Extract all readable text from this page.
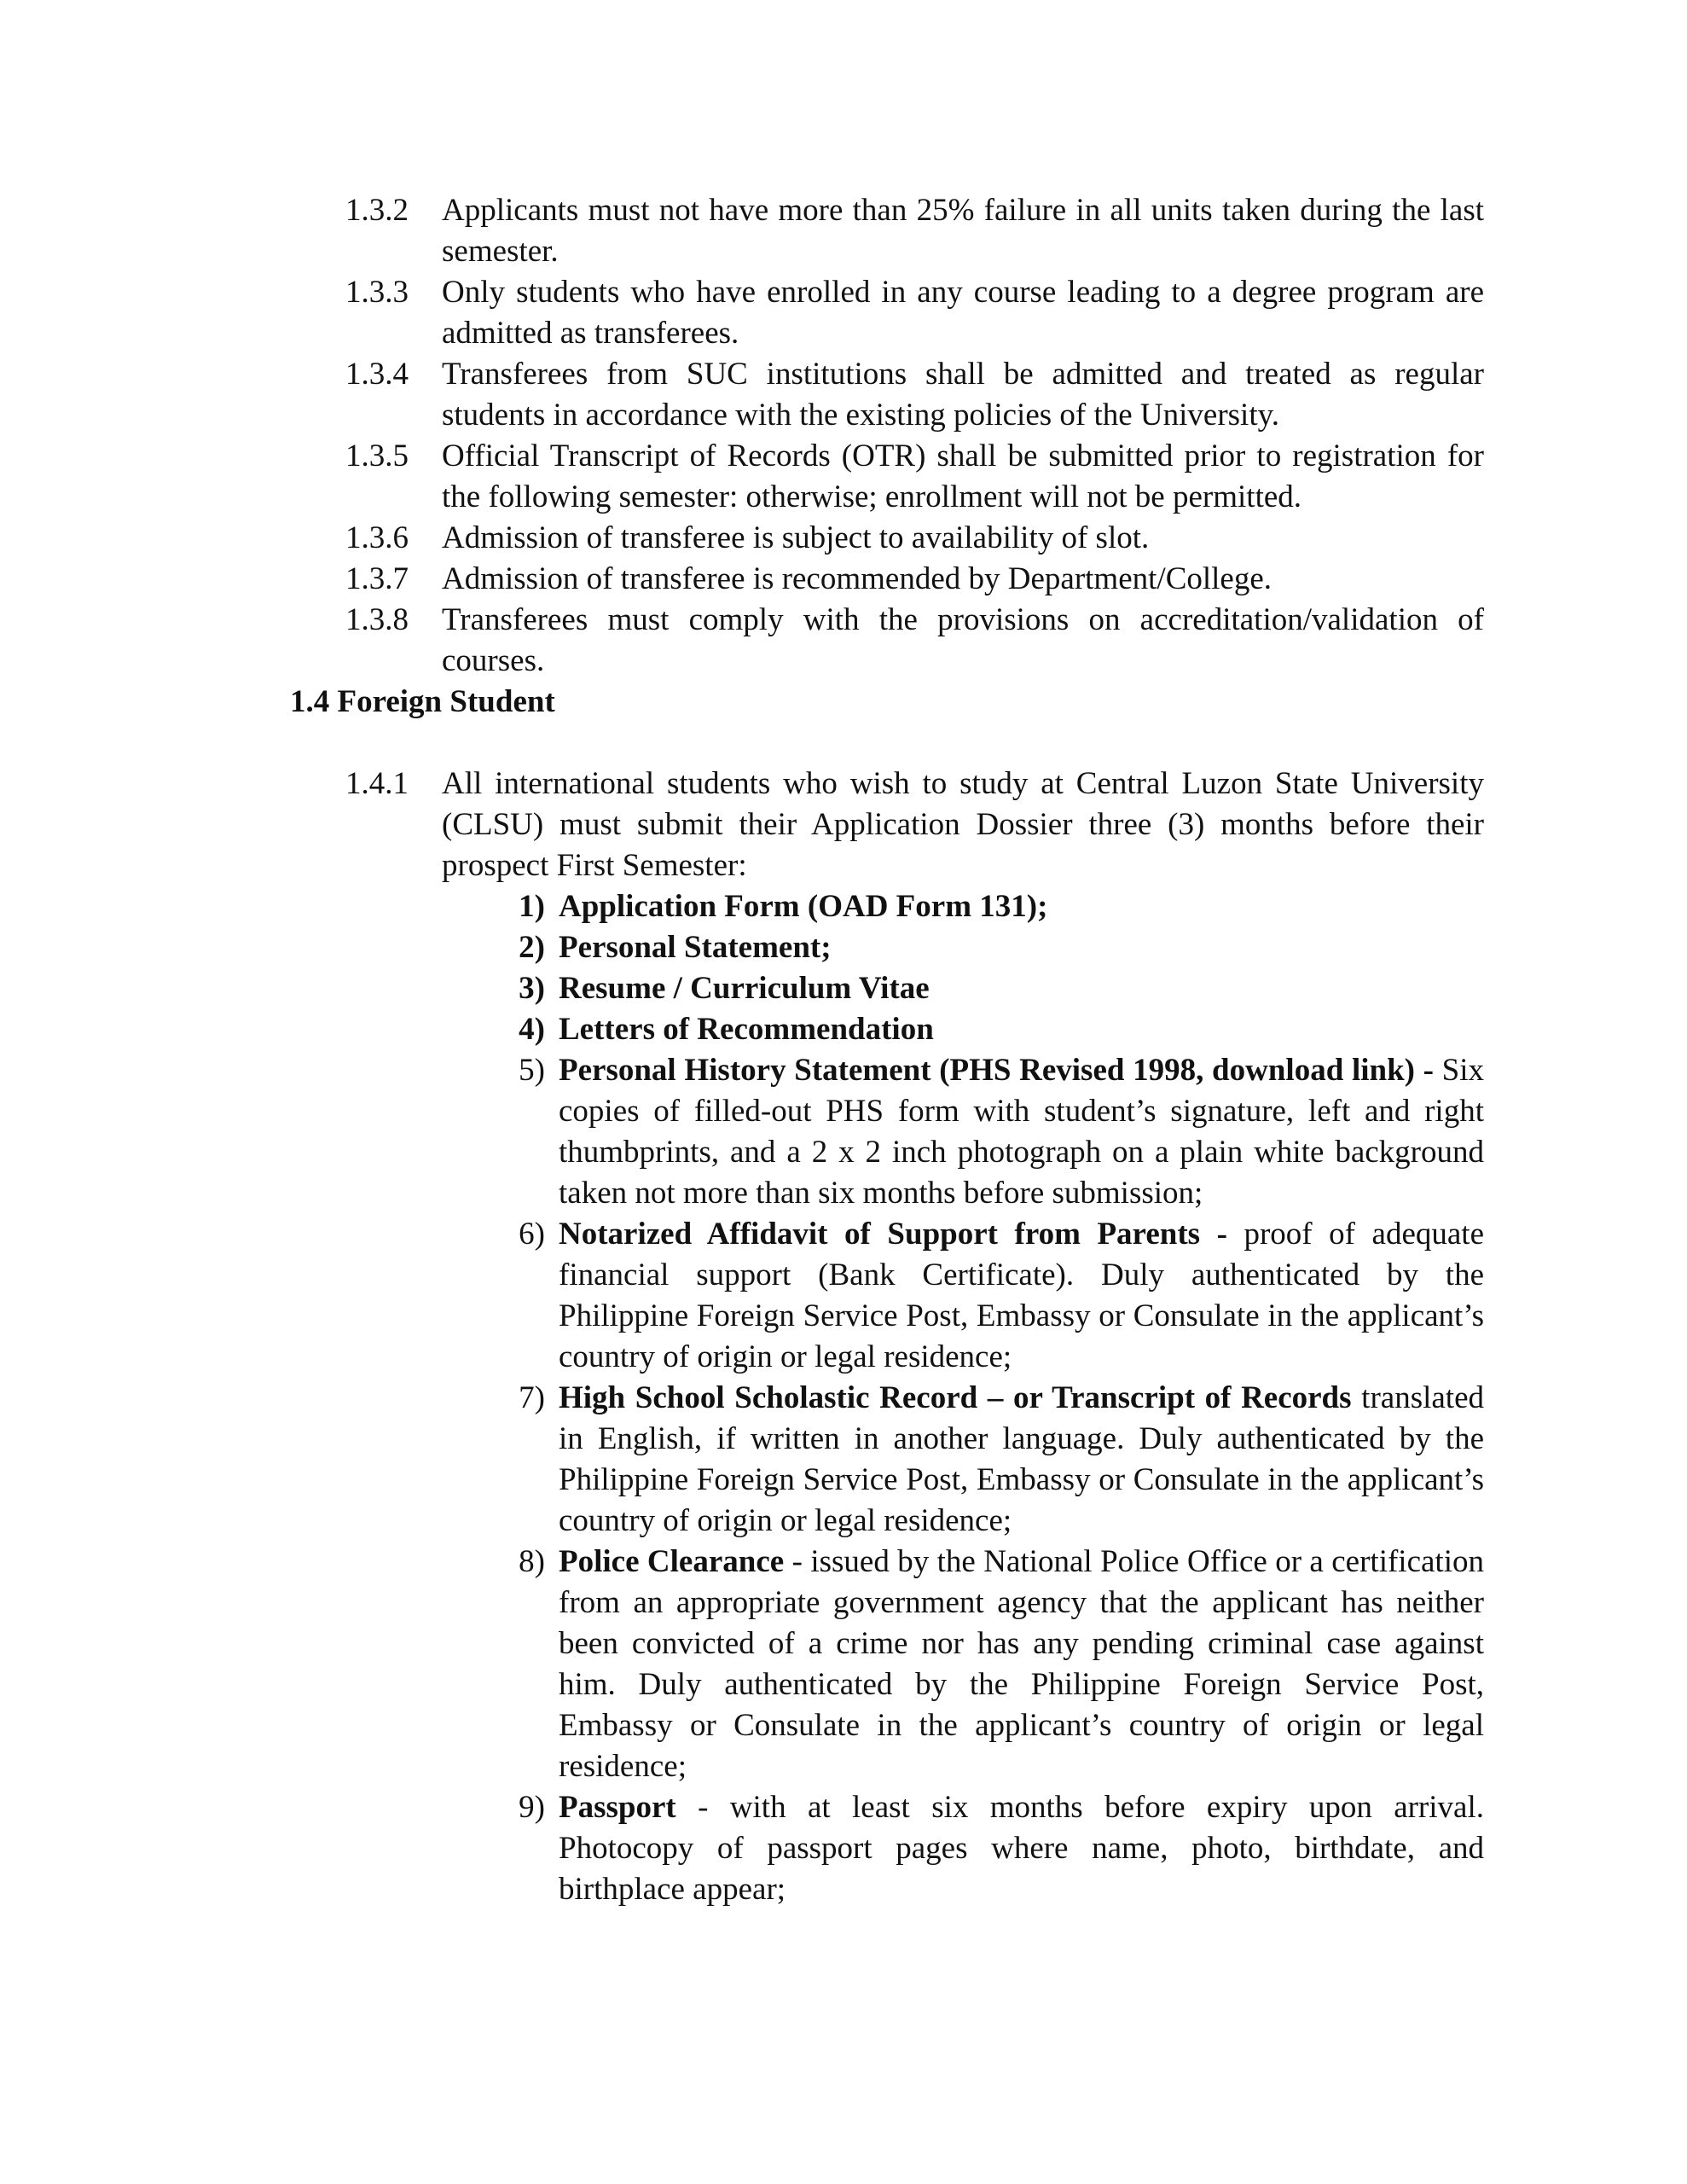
1.3.2	Applicants must not have more than 25% failure in all units taken during the last semester.
1.3.3	Only students who have enrolled in any course leading to a degree program are admitted as transferees.
1.3.4	Transferees from SUC institutions shall be admitted and treated as regular students in accordance with the existing policies of the University.
1.3.5	Official Transcript of Records (OTR) shall be submitted prior to registration for the following semester: otherwise; enrollment will not be permitted.
1.3.6	Admission of transferee is subject to availability of slot.
1.3.7	Admission of transferee is recommended by Department/College.
1.3.8	Transferees must comply with the provisions on accreditation/validation of courses.
1.4 Foreign Student
1.4.1	All international students who wish to study at Central Luzon State University (CLSU) must submit their Application Dossier three (3) months before their prospect First Semester:
1) Application Form (OAD Form 131);
2) Personal Statement;
3) Resume / Curriculum Vitae
4) Letters of Recommendation
5) Personal History Statement (PHS Revised 1998, download link) - Six copies of filled-out PHS form with student’s signature, left and right thumbprints, and a 2 x 2 inch photograph on a plain white background taken not more than six months before submission;
6) Notarized Affidavit of Support from Parents - proof of adequate financial support (Bank Certificate). Duly authenticated by the Philippine Foreign Service Post, Embassy or Consulate in the applicant’s country of origin or legal residence;
7) High School Scholastic Record – or Transcript of Records translated in English, if written in another language. Duly authenticated by the Philippine Foreign Service Post, Embassy or Consulate in the applicant’s country of origin or legal residence;
8) Police Clearance - issued by the National Police Office or a certification from an appropriate government agency that the applicant has neither been convicted of a crime nor has any pending criminal case against him. Duly authenticated by the Philippine Foreign Service Post, Embassy or Consulate in the applicant’s country of origin or legal residence;
9) Passport - with at least six months before expiry upon arrival. Photocopy of passport pages where name, photo, birthdate, and birthplace appear;
